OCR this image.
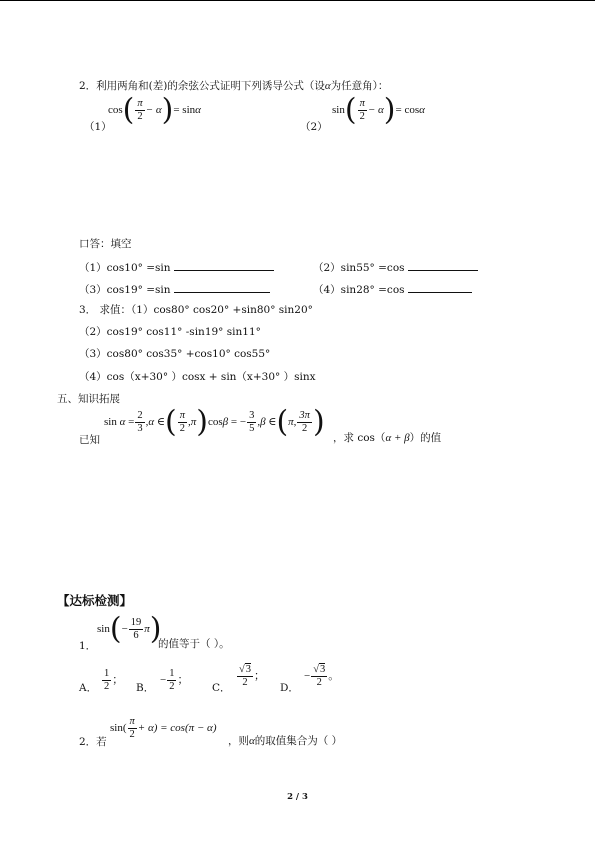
2．利用两角和(差)的余弦公式证明下列诱导公式（设α为任意角）：
（1）
$\cos( \frac{\pi}{2} - \alpha)= \sin\alpha$
（2）
$\sin( \frac{\pi}{2} - \alpha)= \cos\alpha$
口答：填空
（1）cos10° =sin	（2）sin55° =cos
（3）cos19° =sin	（4）sin28° =cos
3． 求值：（1）cos80° cos20° +sin80° sin20°
（2）cos19° cos11° -sin19° sin11°
（3）cos80° cos35° +cos10° cos55°
（4）cos（x+30° ）cosx + sin（x+30° ）sinx
五、知识拓展
已知
$\sin \alpha = \frac{2}{3} ,\alpha$ ∈( $\frac{\pi}{2} ,\pi)\cos\beta$ = − $\frac{3}{5} ,\beta$ ∈(π, $\frac{3\pi}{2}$ ) ，求 cos（α + β）的值
【达标检测】
1．
$\sin(- \frac{19}{6} \pi)$
的值等于（ ）。
A． $\frac{1}{2}$ ；
B．
− $\frac{1}{2}$ ；
C． $\frac{√3}{2}$ ；
D．
− $\frac{√3}{2}$ 。
2．若
$\sin( \frac{\pi}{2} + \alpha) = \cos(\pi - \alpha)$
，则α的取值集合为（ ）
2 / 3
